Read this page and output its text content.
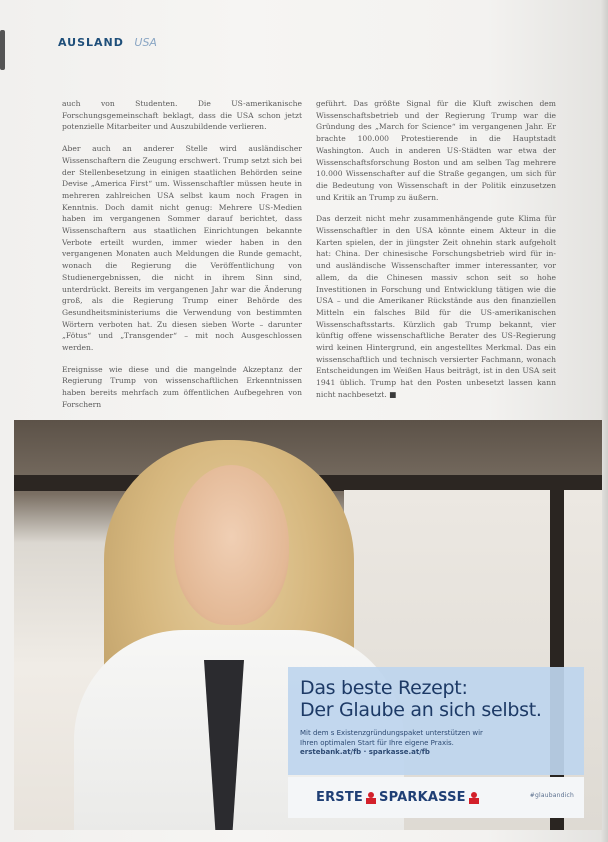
AUSLAND USA

auch von Studenten. Die US-amerikanische Forschungsgemeinschaft beklagt, dass die USA schon jetzt potenzielle Mitarbeiter und Auszubildende verlieren.

Aber auch an anderer Stelle wird ausländischer Wissenschaftern die Zeugung erschwert. Trump setzt sich bei der Stellenbesetzung in einigen staatlichen Behörden seine Devise „America First“ um. Wissenschaftler müssen heute in mehreren zahlreichen USA selbst kaum noch Fragen in Kenntnis. Doch damit nicht genug: Mehrere US-Medien haben im vergangenen Sommer darauf berichtet, dass Wissenschaftern aus staatlichen Einrichtungen bekannte Verbote erteilt wurden, immer wieder haben in den vergangenen Monaten auch Meldungen die Runde gemacht, wonach die Regierung die Veröffentlichung von Studienergebnissen, die nicht in ihrem Sinn sind, unterdrückt. Bereits im vergangenen Jahr war die Änderung groß, als die Regierung Trump einer Behörde des Gesundheitsministeriums die Verwendung von bestimmten Wörtern verboten hat. Zu diesen sieben Worte – darunter „Fötus“ und „Transgender“ – mit noch Ausgeschlossen werden.

Ereignisse wie diese und die mangelnde Akzeptanz der Regierung Trump von wissenschaftlichen Erkenntnissen haben bereits mehrfach zum öffentlichen Aufbegehren von Forschern

geführt. Das größte Signal für die Kluft zwischen dem Wissenschaftsbetrieb und der Regierung Trump war die Gründung des „March for Science“ im vergangenen Jahr. Er brachte 100.000 Protestierende in die Hauptstadt Washington. Auch in anderen US-Städten war etwa der Wissenschaftsforschung Boston und am selben Tag mehrere 10.000 Wissenschafter auf die Straße gegangen, um sich für die Bedeutung von Wissenschaft in der Politik einzusetzen und Kritik an Trump zu äußern.

Das derzeit nicht mehr zusammenhängende gute Klima für Wissenschaftler in den USA könnte einem Akteur in die Karten spielen, der in jüngster Zeit ohnehin stark aufgeholt hat: China. Der chinesische Forschungsbetrieb wird für in- und ausländische Wissenschafter immer interessanter, vor allem, da die Chinesen massiv schon seit so hohe Investitionen in Forschung und Entwicklung tätigen wie die USA – und die Amerikaner Rückstände aus den finanziellen Mitteln ein falsches Bild für die US-amerikanischen Wissenschaftsstarts. Kürzlich gab Trump bekannt, vier künftig offene wissenschaftliche Berater des US-Regierung wird keinen Hintergrund, ein angestelltes Merkmal. Das ein wissenschaftlich und technisch versierter Fachmann, wonach Entscheidungen im Weißen Haus beiträgt, ist in den USA seit 1941 üblich. Trump hat den Posten unbesetzt lassen kann nicht nachbesetzt. ■

Das beste Rezept:
Der Glaube an sich selbst.
Mit dem s Existenzgründungspaket unterstützen wir
Ihren optimalen Start für Ihre eigene Praxis.
erstebank.at/fb · sparkasse.at/fb
ERSTE SPARKASSE	#glaubandich
